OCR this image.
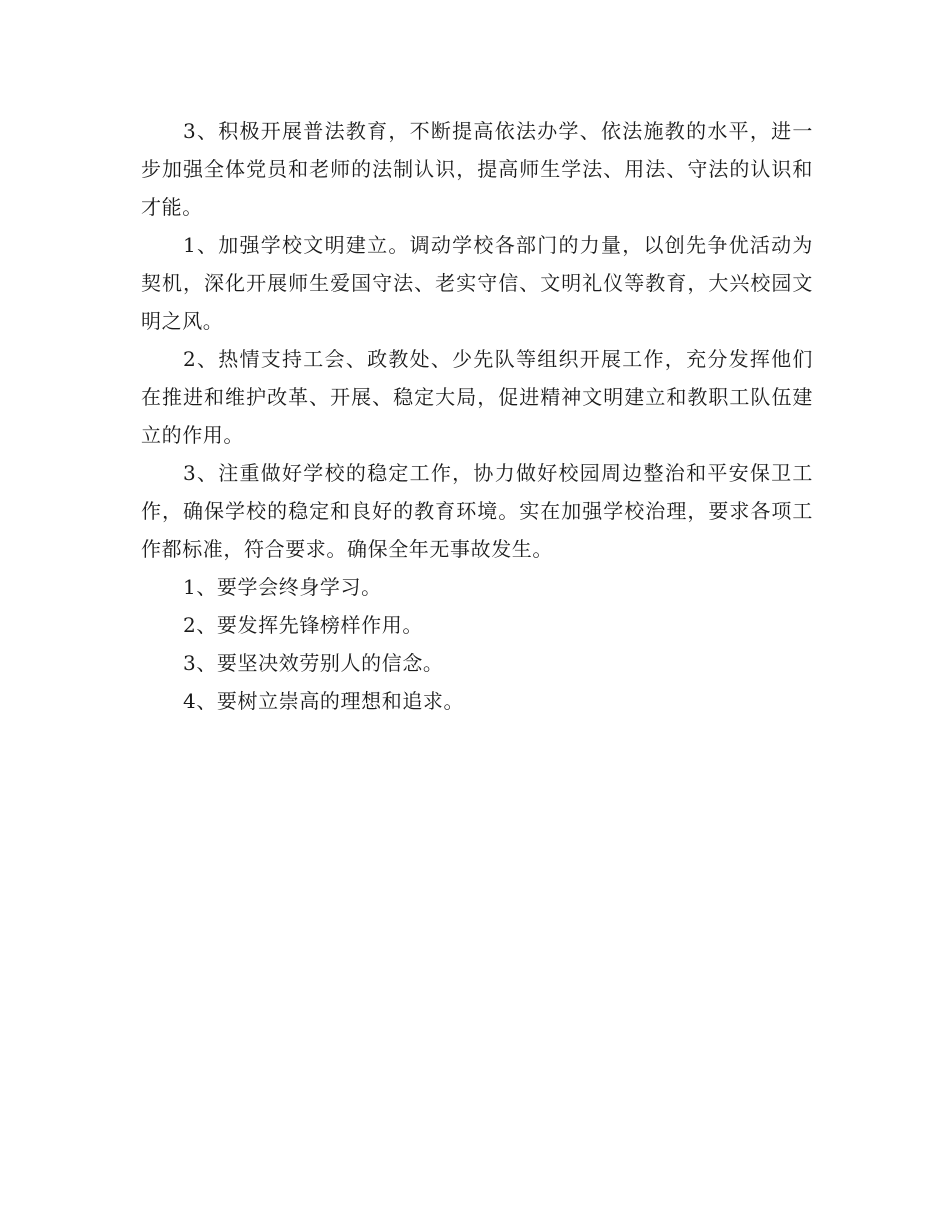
3、积极开展普法教育，不断提高依法办学、依法施教的水平，进一步加强全体党员和老师的法制认识，提高师生学法、用法、守法的认识和才能。

1、加强学校文明建立。调动学校各部门的力量，以创先争优活动为契机，深化开展师生爱国守法、老实守信、文明礼仪等教育，大兴校园文明之风。

2、热情支持工会、政教处、少先队等组织开展工作，充分发挥他们在推进和维护改革、开展、稳定大局，促进精神文明建立和教职工队伍建立的作用。

3、注重做好学校的稳定工作，协力做好校园周边整治和平安保卫工作，确保学校的稳定和良好的教育环境。实在加强学校治理，要求各项工作都标准，符合要求。确保全年无事故发生。

1、要学会终身学习。

2、要发挥先锋榜样作用。

3、要坚决效劳别人的信念。

4、要树立崇高的理想和追求。
